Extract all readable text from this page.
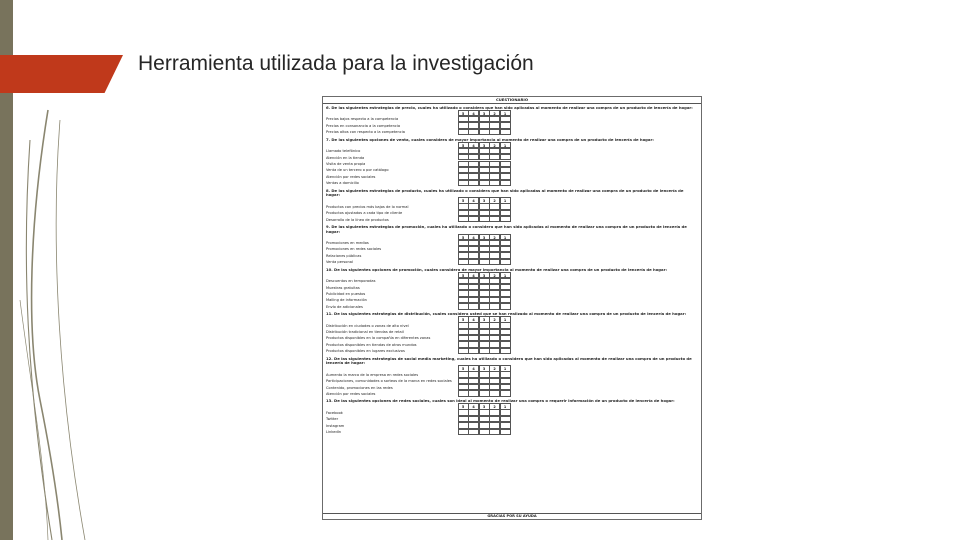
Herramienta utilizada para la investigación
CUESTIONARIO
6. De las siguientes estrategias de precio, cuales ha utilizado o considera que han sido aplicadas al momento de realizar una compra de un producto de lencería de hogar:
5	4	3	2	1
Precios bajos respecto a la competencia
Precios en consonancia a la competencia
Precios altos con respecto a la competencia
7. De las siguientes opciones de venta, cuales considera de mayor importancia al momento de realizar una compra de un producto de lencería de hogar:
5	4	3	2	1
Llamado telefónico
Atención en la tienda
Visita de venta propia
Venta de un tercero o por catálogo
Atención por redes sociales
Ventas a domicilio
8. De las siguientes estrategias de producto, cuales ha utilizado o considera que han sido aplicadas al momento de realizar una compra de un producto de lencería de hogar:
5	4	3	2	1
Productos con precios más bajos de lo normal
Productos ajustados a cada tipo de cliente
Desarrollo de la línea de productos
9. De las siguientes estrategias de promoción, cuales ha utilizado o considera que han sido aplicadas al momento de realizar una compra de un producto de lencería de hogar:
5	4	3	2	1
Promociones en medios
Promociones en redes sociales
Relaciones públicas
Venta personal
10. De las siguientes opciones de promoción, cuales considera de mayor importancia al momento de realizar una compra de un producto de lencería de hogar:
5	4	3	2	1
Descuentos en temporadas
Muestras gratuitas
Publicidad en puestos
Mailing de información
Envío de adicionales
11. De las siguientes estrategias de distribución, cuales considera usted que se han realizado al momento de realizar una compra de un producto de lencería de hogar:
5	4	3	2	1
Distribución en ciudades o zonas de alto nivel
Distribución tradicional en tiendas de retail
Productos disponibles en la compañía en diferentes zonas
Productos disponibles en tiendas de otros mundos
Productos disponibles en lugares exclusivos
12. De las siguientes estrategias de social media marketing, cuales ha utilizado o considera que han sido aplicadas al momento de realizar una compra de un producto de lencería de hogar:
5	4	3	2	1
Aumento la marca de la empresa en redes sociales
Participaciones, comunidades o sorteos de la marca en redes sociales
Contenido, promociones en las redes
Atención por redes sociales
13. De las siguientes opciones de redes sociales, cuales son ideal al momento de realizar una compra o requerir información de un producto de lencería de hogar:
5	4	3	2	1
Facebook
Twitter
Instagram
LinkedIn
GRACIAS POR SU AYUDA
